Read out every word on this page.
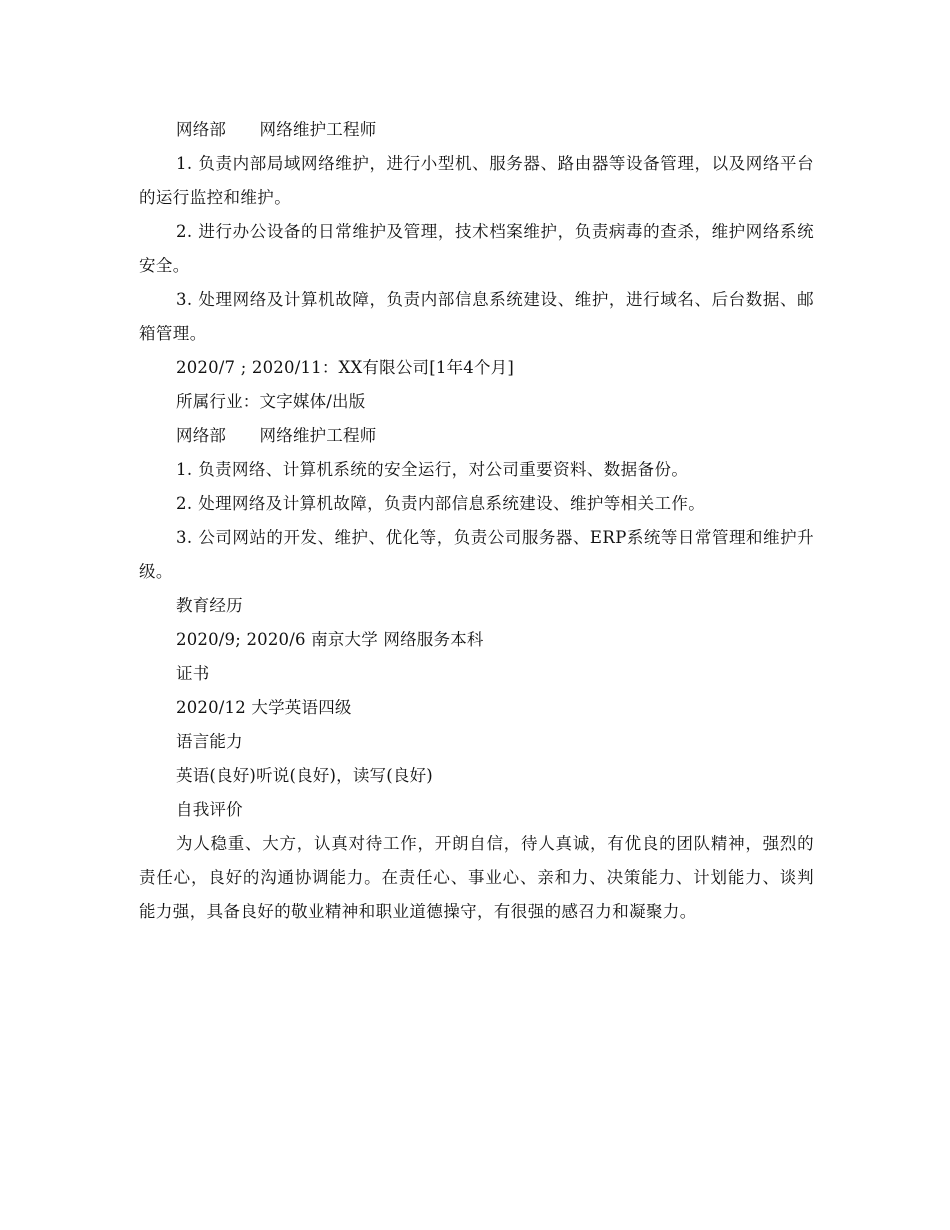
网络部　　网络维护工程师

1. 负责内部局域网络维护，进行小型机、服务器、路由器等设备管理，以及网络平台的运行监控和维护。

2. 进行办公设备的日常维护及管理，技术档案维护，负责病毒的查杀，维护网络系统安全。

3. 处理网络及计算机故障，负责内部信息系统建设、维护，进行域名、后台数据、邮箱管理。

2020/7 ; 2020/11：XX有限公司[1年4个月]

所属行业：文字媒体/出版

网络部　　网络维护工程师

1. 负责网络、计算机系统的安全运行，对公司重要资料、数据备份。

2. 处理网络及计算机故障，负责内部信息系统建设、维护等相关工作。

3. 公司网站的开发、维护、优化等，负责公司服务器、ERP系统等日常管理和维护升级。

教育经历

2020/9; 2020/6 南京大学 网络服务本科

证书

2020/12 大学英语四级

语言能力

英语(良好)听说(良好)，读写(良好)

自我评价

为人稳重、大方，认真对待工作，开朗自信，待人真诚，有优良的团队精神，强烈的责任心，良好的沟通协调能力。在责任心、事业心、亲和力、决策能力、计划能力、谈判能力强，具备良好的敬业精神和职业道德操守，有很强的感召力和凝聚力。
